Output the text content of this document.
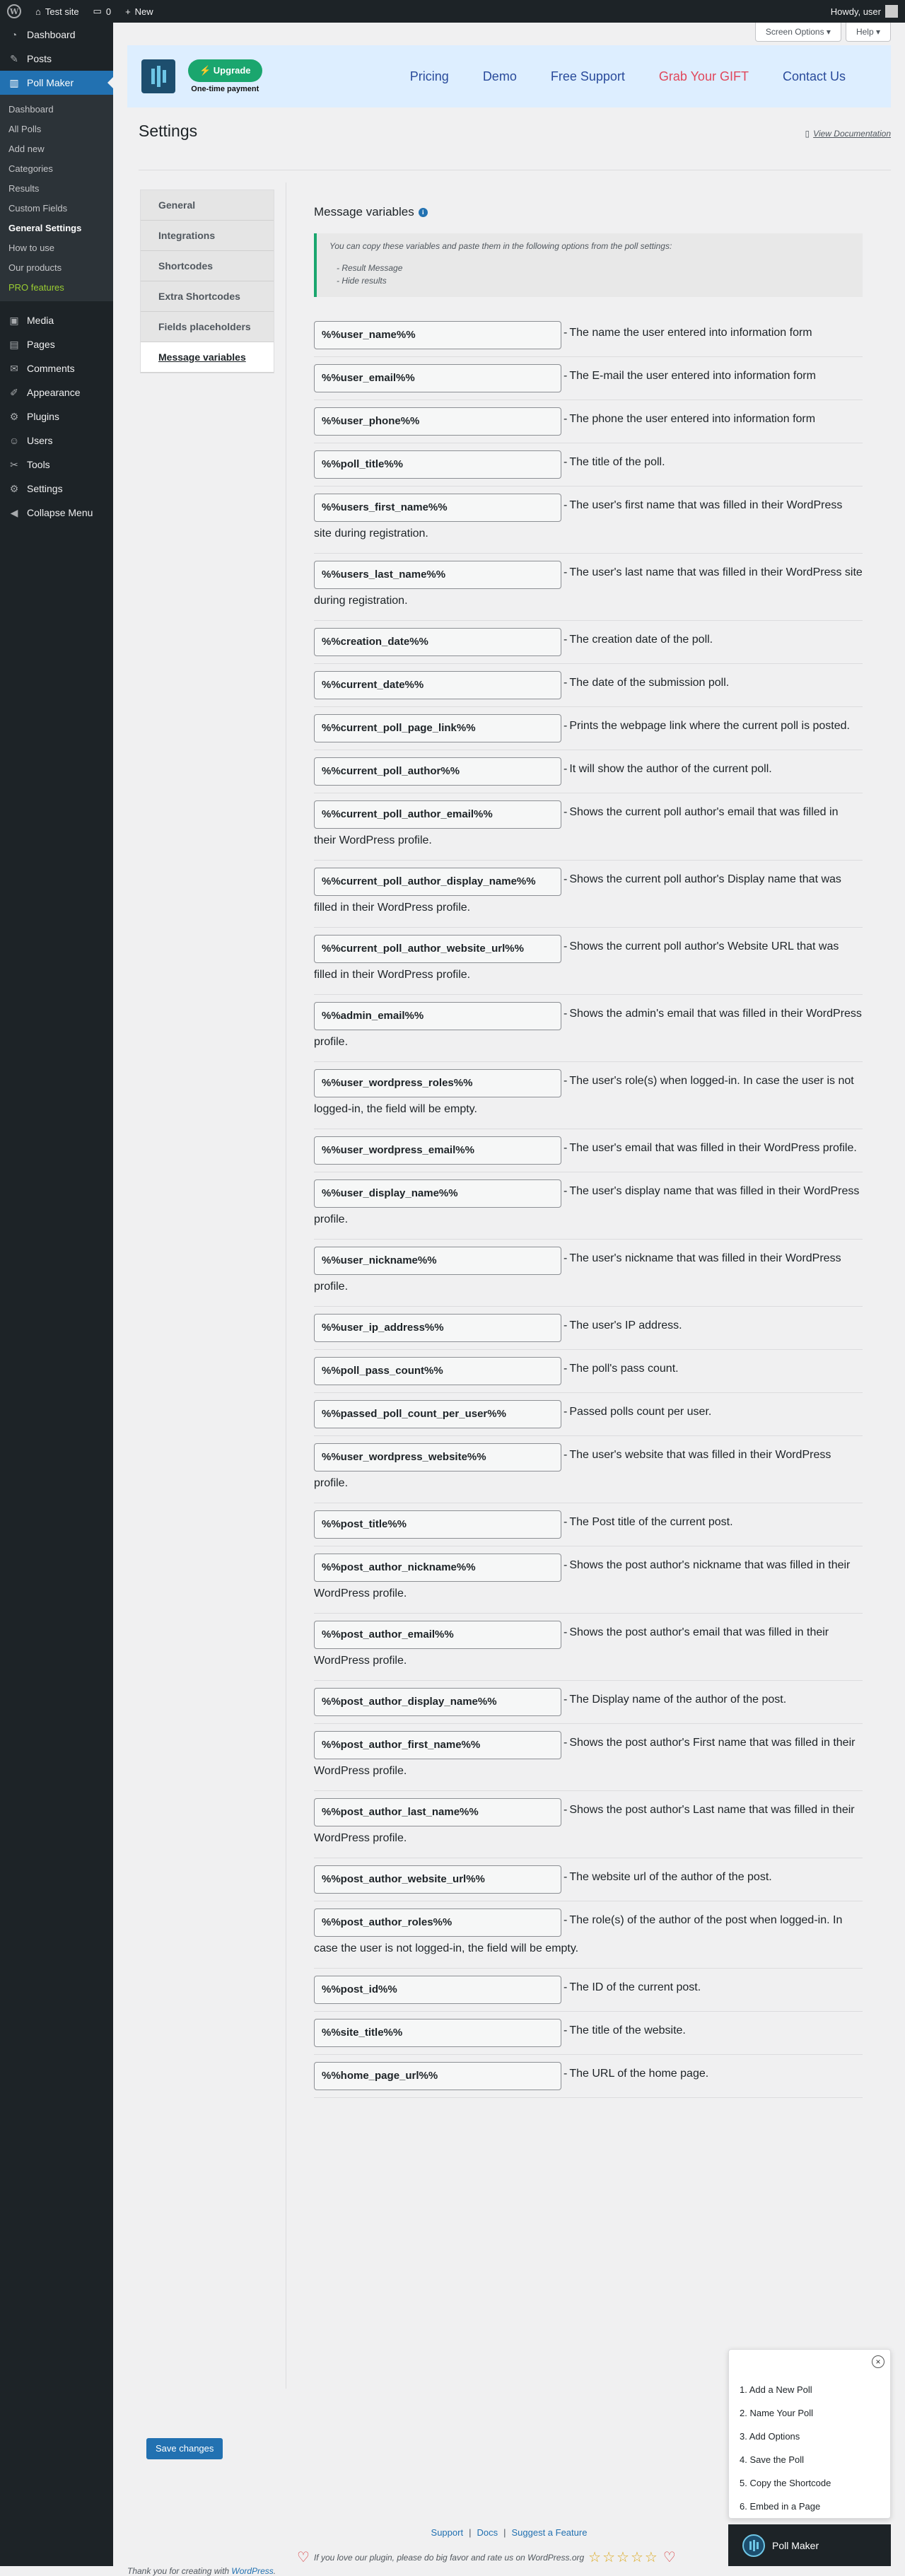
W ⌂ Test site ▭ 0 + New	Howdy, user
◔ Dashboard
✎ Posts
▥ Poll Maker
Dashboard
All Polls
Add new
Categories
Results
Custom Fields
General Settings
How to use
Our products
PRO features
▣ Media
▤ Pages
✉ Comments
✐ Appearance
⚙ Plugins
☺ Users
✂ Tools
⚙ Settings
◀ Collapse Menu
Screen Options ▾	Help ▾
⚡ Upgrade
One-time payment
Pricing	Demo	Free Support	Grab Your GIFT	Contact Us
Settings	▯ View Documentation
General
Integrations
Shortcodes
Extra Shortcodes
Fields placeholders
Message variables
Message variables	i

You can copy these variables and paste them in the following options from the poll settings:

- Result Message
- Hide results
%%user_name%%	- The name the user entered into information form
%%user_email%%	- The E-mail the user entered into information form
%%user_phone%%	- The phone the user entered into information form
%%poll_title%%	- The title of the poll.
%%users_first_name%%	- The user's first name that was filled in their WordPress site during registration.
%%users_last_name%%	- The user's last name that was filled in their WordPress site during registration.
%%creation_date%%	- The creation date of the poll.
%%current_date%%	- The date of the submission poll.
%%current_poll_page_link%%	- Prints the webpage link where the current poll is posted.
%%current_poll_author%%	- It will show the author of the current poll.
%%current_poll_author_email%%	- Shows the current poll author's email that was filled in their WordPress profile.
%%current_poll_author_display_name%% - Shows the current poll author's Display name that was filled in their WordPress profile.
%%current_poll_author_website_url%%	- Shows the current poll author's Website URL that was filled in their WordPress profile.
%%admin_email%%	- Shows the admin's email that was filled in their WordPress profile.
%%user_wordpress_roles%%	- The user's role(s) when logged-in. In case the user is not logged-in, the field will be empty.
%%user_wordpress_email%%	- The user's email that was filled in their WordPress profile.
%%user_display_name%%	- The user's display name that was filled in their WordPress profile.
%%user_nickname%%	- The user's nickname that was filled in their WordPress profile.
%%user_ip_address%%	- The user's IP address.
%%poll_pass_count%%	- The poll's pass count.
%%passed_poll_count_per_user%%	- Passed polls count per user.
%%user_wordpress_website%%	- The user's website that was filled in their WordPress profile.
%%post_title%%	- The Post title of the current post.
%%post_author_nickname%%	- Shows the post author's nickname that was filled in their WordPress profile.
%%post_author_email%%	- Shows the post author's email that was filled in their WordPress profile.
%%post_author_display_name%%	- The Display name of the author of the post.
%%post_author_first_name%%	- Shows the post author's First name that was filled in their WordPress profile.
%%post_author_last_name%%	- Shows the post author's Last name that was filled in their WordPress profile.
%%post_author_website_url%%	- The website url of the author of the post.
%%post_author_roles%%	- The role(s) of the author of the post when logged-in. In case the user is not logged-in, the field will be empty.
%%post_id%%	- The ID of the current post.
%%site_title%%	- The title of the website.
%%home_page_url%%	- The URL of the home page.
Save changes
Support | Docs | Suggest a Feature
♡ If you love our plugin, please do big favor and rate us on WordPress.org ☆☆☆☆☆ ♡
Thank you for creating with WordPress.
×
1. Add a New Poll
2. Name Your Poll
3. Add Options
4. Save the Poll
5. Copy the Shortcode
6. Embed in a Page
Poll Maker
